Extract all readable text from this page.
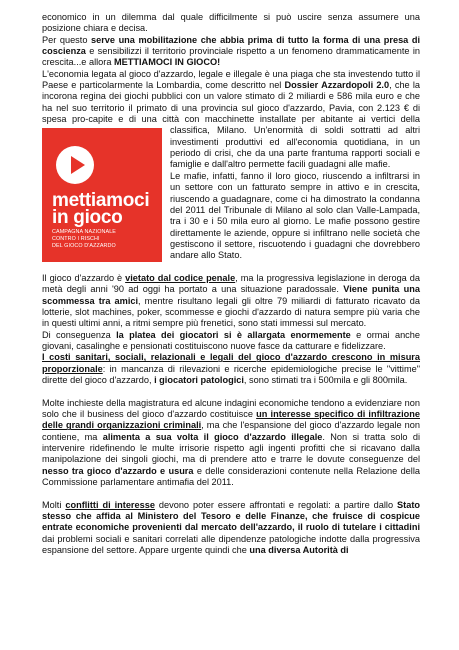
economico in un dilemma dal quale difficilmente si può uscire senza assumere una posizione chiara e decisa.

Per questo serve una mobilitazione che abbia prima di tutto la forma di una presa di coscienza e sensibilizzi il territorio provinciale rispetto a un fenomeno drammaticamente in crescita...e allora METTIAMOCI IN GIOCO!

L'economia legata al gioco d'azzardo, legale e illegale è una piaga che sta investendo tutto il Paese e particolarmente la Lombardia, come descritto nel Dossier Azzardopoli 2.0, che la incorona regina dei giochi pubblici con un valore stimato di 2 miliardi e 586 mila euro e che ha nel suo territorio il primato di una provincia sul gioco d'azzardo, Pavia, con 2.123 € di spesa pro-capite e di una città con macchinette installate per abitante ai vertici
mettiamoci
in gioco
CAMPAGNA NAZIONALE
CONTRO I RISCHI
DEL GIOCO D'AZZARDO
della classifica, Milano. Un'enormità di soldi sottratti ad altri investimenti produttivi ed all'economia quotidiana, in un periodo di crisi, che da una parte frantuma rapporti sociali e famiglie e dall'altro permette facili guadagni alle mafie.

Le mafie, infatti, fanno il loro gioco, riuscendo a infiltrarsi in un settore con un fatturato sempre in attivo e in crescita, riuscendo a guadagnare, come ci ha dimostrato la condanna del 2011 del Tribunale di Milano al solo clan Valle-Lampada, tra i 30 e i 50 mila euro al giorno. Le mafie possono gestire direttamente le aziende, oppure si infiltrano nelle società che gestiscono il settore, riscuotendo i guadagni che dovrebbero andare allo Stato.

Il gioco d'azzardo è vietato dal codice penale, ma la progressiva legislazione in deroga da metà degli anni '90 ad oggi ha portato a una situazione paradossale. Viene punita una scommessa tra amici, mentre risultano legali gli oltre 79 miliardi di fatturato ricavato da lotterie, slot machines, poker, scommesse e giochi d'azzardo di natura sempre più varia che in questi ultimi anni, a ritmi sempre più frenetici, sono stati immessi sul mercato.

Di conseguenza la platea dei giocatori si è allargata enormemente e ormai anche giovani, casalinghe e pensionati costituiscono nuove fasce da catturare e fidelizzare.

I costi sanitari, sociali, relazionali e legali del gioco d'azzardo crescono in misura proporzionale: in mancanza di rilevazioni e ricerche epidemiologiche precise le "vittime" dirette del gioco d'azzardo, i giocatori patologici, sono stimati tra i 500mila e gli 800mila.

Molte inchieste della magistratura ed alcune indagini economiche tendono a evidenziare non solo che il business del gioco d'azzardo costituisce un interesse specifico di infiltrazione delle grandi organizzazioni criminali, ma che l'espansione del gioco d'azzardo legale non contiene, ma alimenta a sua volta il gioco d'azzardo illegale. Non si tratta solo di intervenire ridefinendo le multe irrisorie rispetto agli ingenti profitti che si ricavano dalla manipolazione dei singoli giochi, ma di prendere atto e trarre le dovute conseguenze del nesso tra gioco d'azzardo e usura e delle considerazioni contenute nella Relazione della Commissione parlamentare antimafia del 2011.

Molti conflitti di interesse devono poter essere affrontati e regolati: a partire dallo Stato stesso che affida al Ministero del Tesoro e delle Finanze, che fruisce di cospicue entrate economiche provenienti dal mercato dell'azzardo, il ruolo di tutelare i cittadini dai problemi sociali e sanitari correlati alle dipendenze patologiche indotte dalla progressiva espansione del settore. Appare urgente quindi che una diversa Autorità di
